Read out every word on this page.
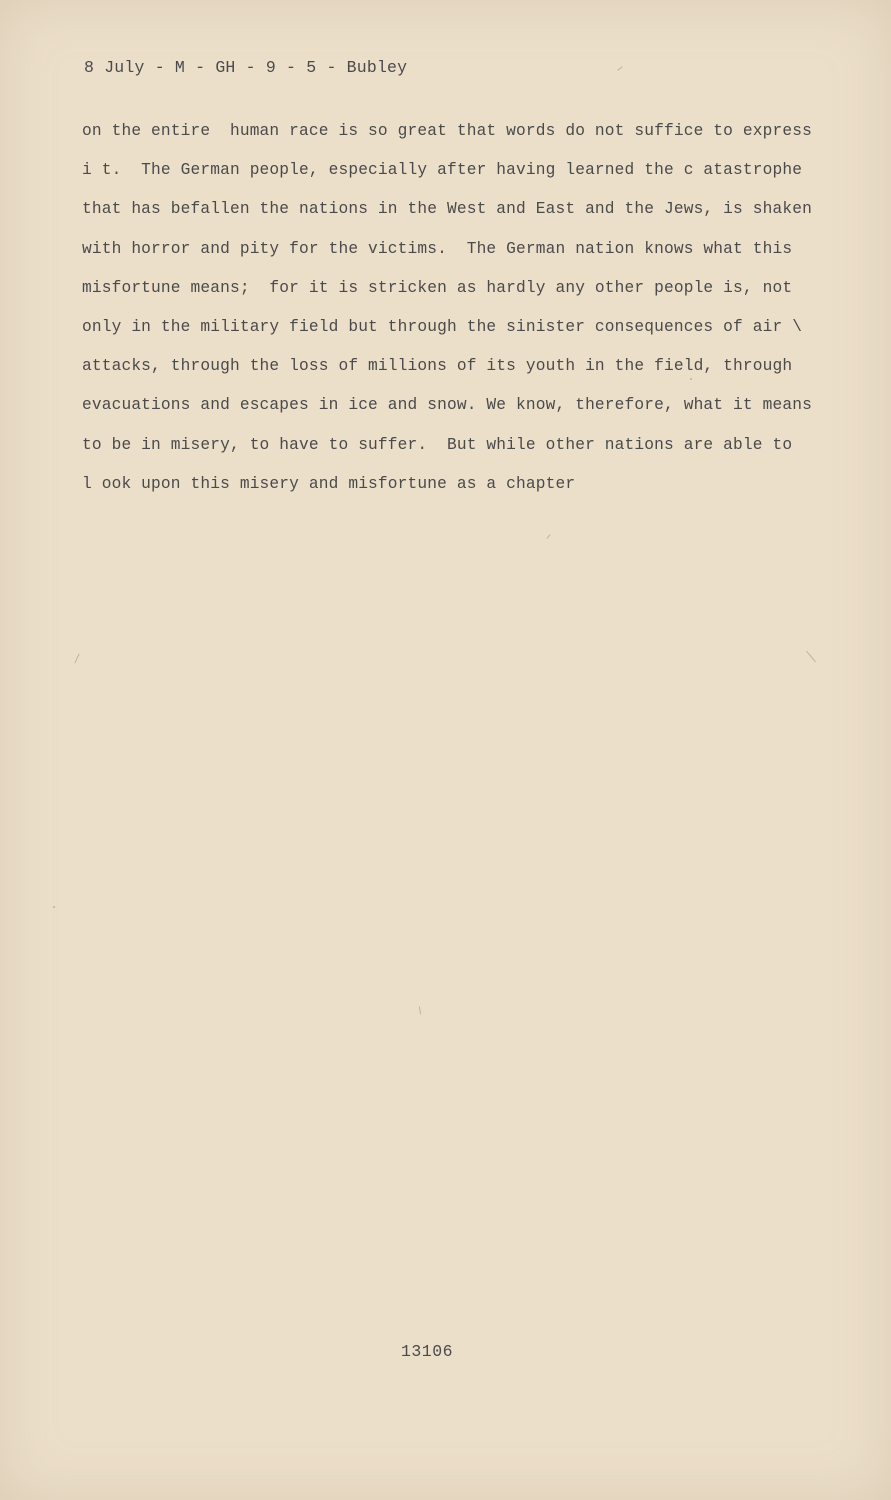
8 July - M - GH - 9 - 5 - Bubley
on the entire  human race is so great that words do not suffice to express
i t.  The German people, especially after having learned the c atastrophe
that has befallen the nations in the West and East and the Jews, is shaken
with horror and pity for the victims.  The German nation knows what this
misfortune means;  for it is stricken as hardly any other people is, not
only in the military field but through the sinister consequences of air \
attacks, through the loss of millions of its youth in the field, through
evacuations and escapes in ice and snow. We know, therefore, what it means
to be in misery, to have to suffer.  But while other nations are able to
l ook upon this misery and misfortune as a chapter
13106
